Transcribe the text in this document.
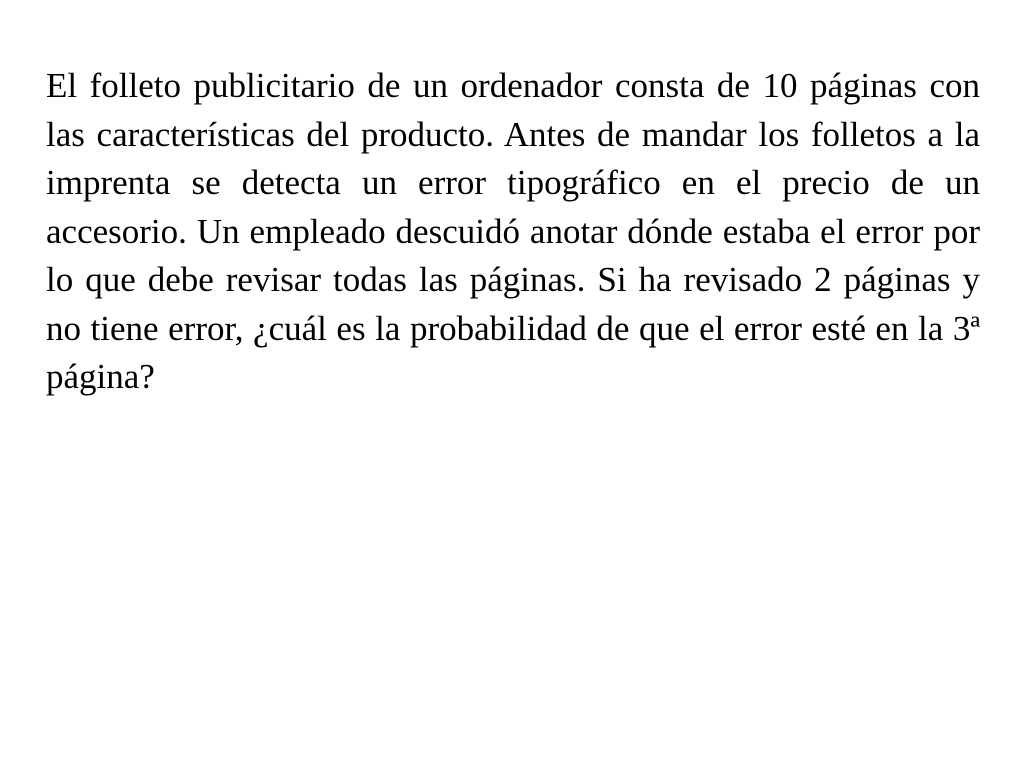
El folleto publicitario de un ordenador consta de 10 páginas con las características del producto. Antes de mandar los folletos a la imprenta se detecta un error tipográfico en el precio de un accesorio. Un empleado descuidó anotar dónde estaba el error por lo que debe revisar todas las páginas. Si ha revisado 2 páginas y no tiene error, ¿cuál es la probabilidad de que el error esté en la 3ª página?
